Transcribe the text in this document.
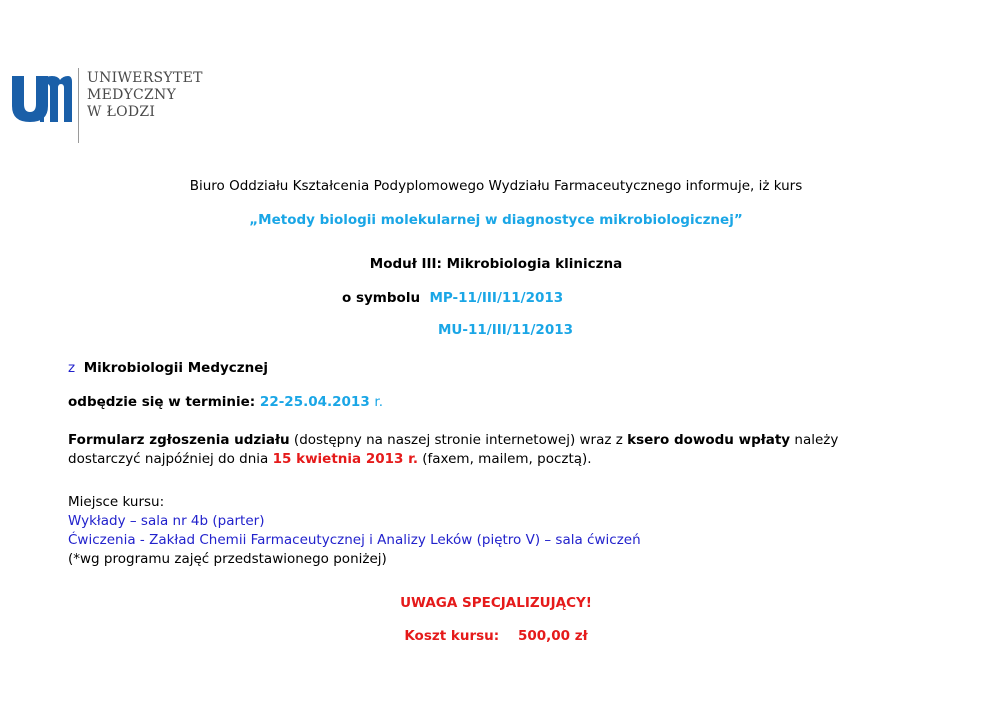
UNIWERSYTET
MEDYCZNY
W ŁODZI
Biuro Oddziału Kształcenia Podyplomowego Wydziału Farmaceutycznego informuje, iż kurs
„Metody biologii molekularnej w diagnostyce mikrobiologicznej”
Moduł III: Mikrobiologia kliniczna
o symbolu MP-11/III/11/2013
MU-11/III/11/2013
z Mikrobiologii Medycznej
odbędzie się w terminie: 22-25.04.2013 r.
Formularz zgłoszenia udziału (dostępny na naszej stronie internetowej) wraz z ksero dowodu wpłaty należy
dostarczyć najpóźniej do dnia 15 kwietnia 2013 r. (faxem, mailem, pocztą).
Miejsce kursu:
Wykłady – sala nr 4b (parter)
Ćwiczenia - Zakład Chemii Farmaceutycznej i Analizy Leków (piętro V) – sala ćwiczeń
(*wg programu zajęć przedstawionego poniżej)
UWAGA SPECJALIZUJĄCY!
Koszt kursu: 500,00 zł
